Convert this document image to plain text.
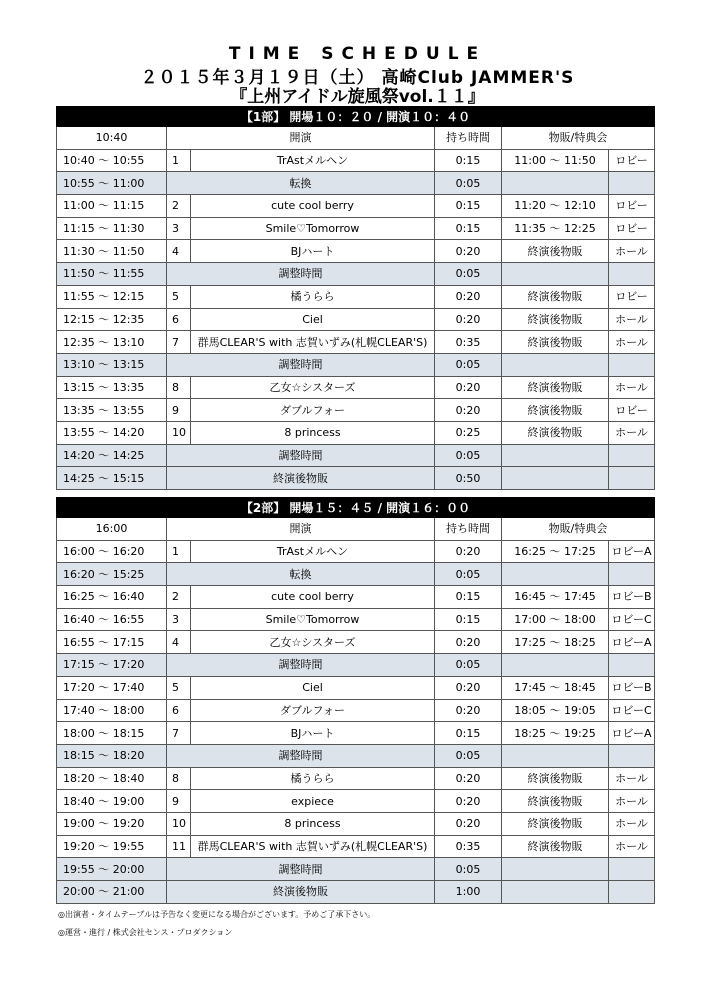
TIME SCHEDULE
２０１５年３月１９日（土） 高崎Club JAMMER'S
『上州アイドル旋風祭vol.１１』
【1部】 開場１０：２０ / 開演１０：４０					
10:40	開演		持ち時間	物販/特典会	
10:40 〜 10:55	1	TrAstメルヘン	0:15	11:00 〜 11:50	ロビー
10:55 〜 11:00	転換		0:05		
11:00 〜 11:15	2	cute cool berry	0:15	11:20 〜 12:10	ロビー
11:15 〜 11:30	3	Smile♡Tomorrow	0:15	11:35 〜 12:25	ロビー
11:30 〜 11:50	4	BJハート	0:20	終演後物販	ホール
11:50 〜 11:55	調整時間		0:05		
11:55 〜 12:15	5	橘うらら	0:20	終演後物販	ロビー
12:15 〜 12:35	6	Ciel	0:20	終演後物販	ホール
12:35 〜 13:10	7	群馬CLEAR'S with 志賀いずみ(札幌CLEAR'S)	0:35	終演後物販	ホール
13:10 〜 13:15	調整時間		0:05		
13:15 〜 13:35	8	乙女☆シスターズ	0:20	終演後物販	ホール
13:35 〜 13:55	9	ダブルフォー	0:20	終演後物販	ロビー
13:55 〜 14:20	10	8 princess	0:25	終演後物販	ホール
14:20 〜 14:25	調整時間		0:05		
14:25 〜 15:15	終演後物販		0:50		
【2部】 開場１５：４５ / 開演１６：００					
16:00	開演		持ち時間	物販/特典会	
16:00 〜 16:20	1	TrAstメルヘン	0:20	16:25 〜 17:25	ロビーA
16:20 〜 15:25	転換		0:05		
16:25 〜 16:40	2	cute cool berry	0:15	16:45 〜 17:45	ロビーB
16:40 〜 16:55	3	Smile♡Tomorrow	0:15	17:00 〜 18:00	ロビーC
16:55 〜 17:15	4	乙女☆シスターズ	0:20	17:25 〜 18:25	ロビーA
17:15 〜 17:20	調整時間		0:05		
17:20 〜 17:40	5	Ciel	0:20	17:45 〜 18:45	ロビーB
17:40 〜 18:00	6	ダブルフォー	0:20	18:05 〜 19:05	ロビーC
18:00 〜 18:15	7	BJハート	0:15	18:25 〜 19:25	ロビーA
18:15 〜 18:20	調整時間		0:05		
18:20 〜 18:40	8	橘うらら	0:20	終演後物販	ホール
18:40 〜 19:00	9	expiece	0:20	終演後物販	ホール
19:00 〜 19:20	10	8 princess	0:20	終演後物販	ホール
19:20 〜 19:55	11	群馬CLEAR'S with 志賀いずみ(札幌CLEAR'S)	0:35	終演後物販	ホール
19:55 〜 20:00	調整時間		0:05		
20:00 〜 21:00	終演後物販		1:00		
◎出演者・タイムテーブルは予告なく変更になる場合がございます。予めご了承下さい。
◎運営・進行 / 株式会社センス・プロダクション
